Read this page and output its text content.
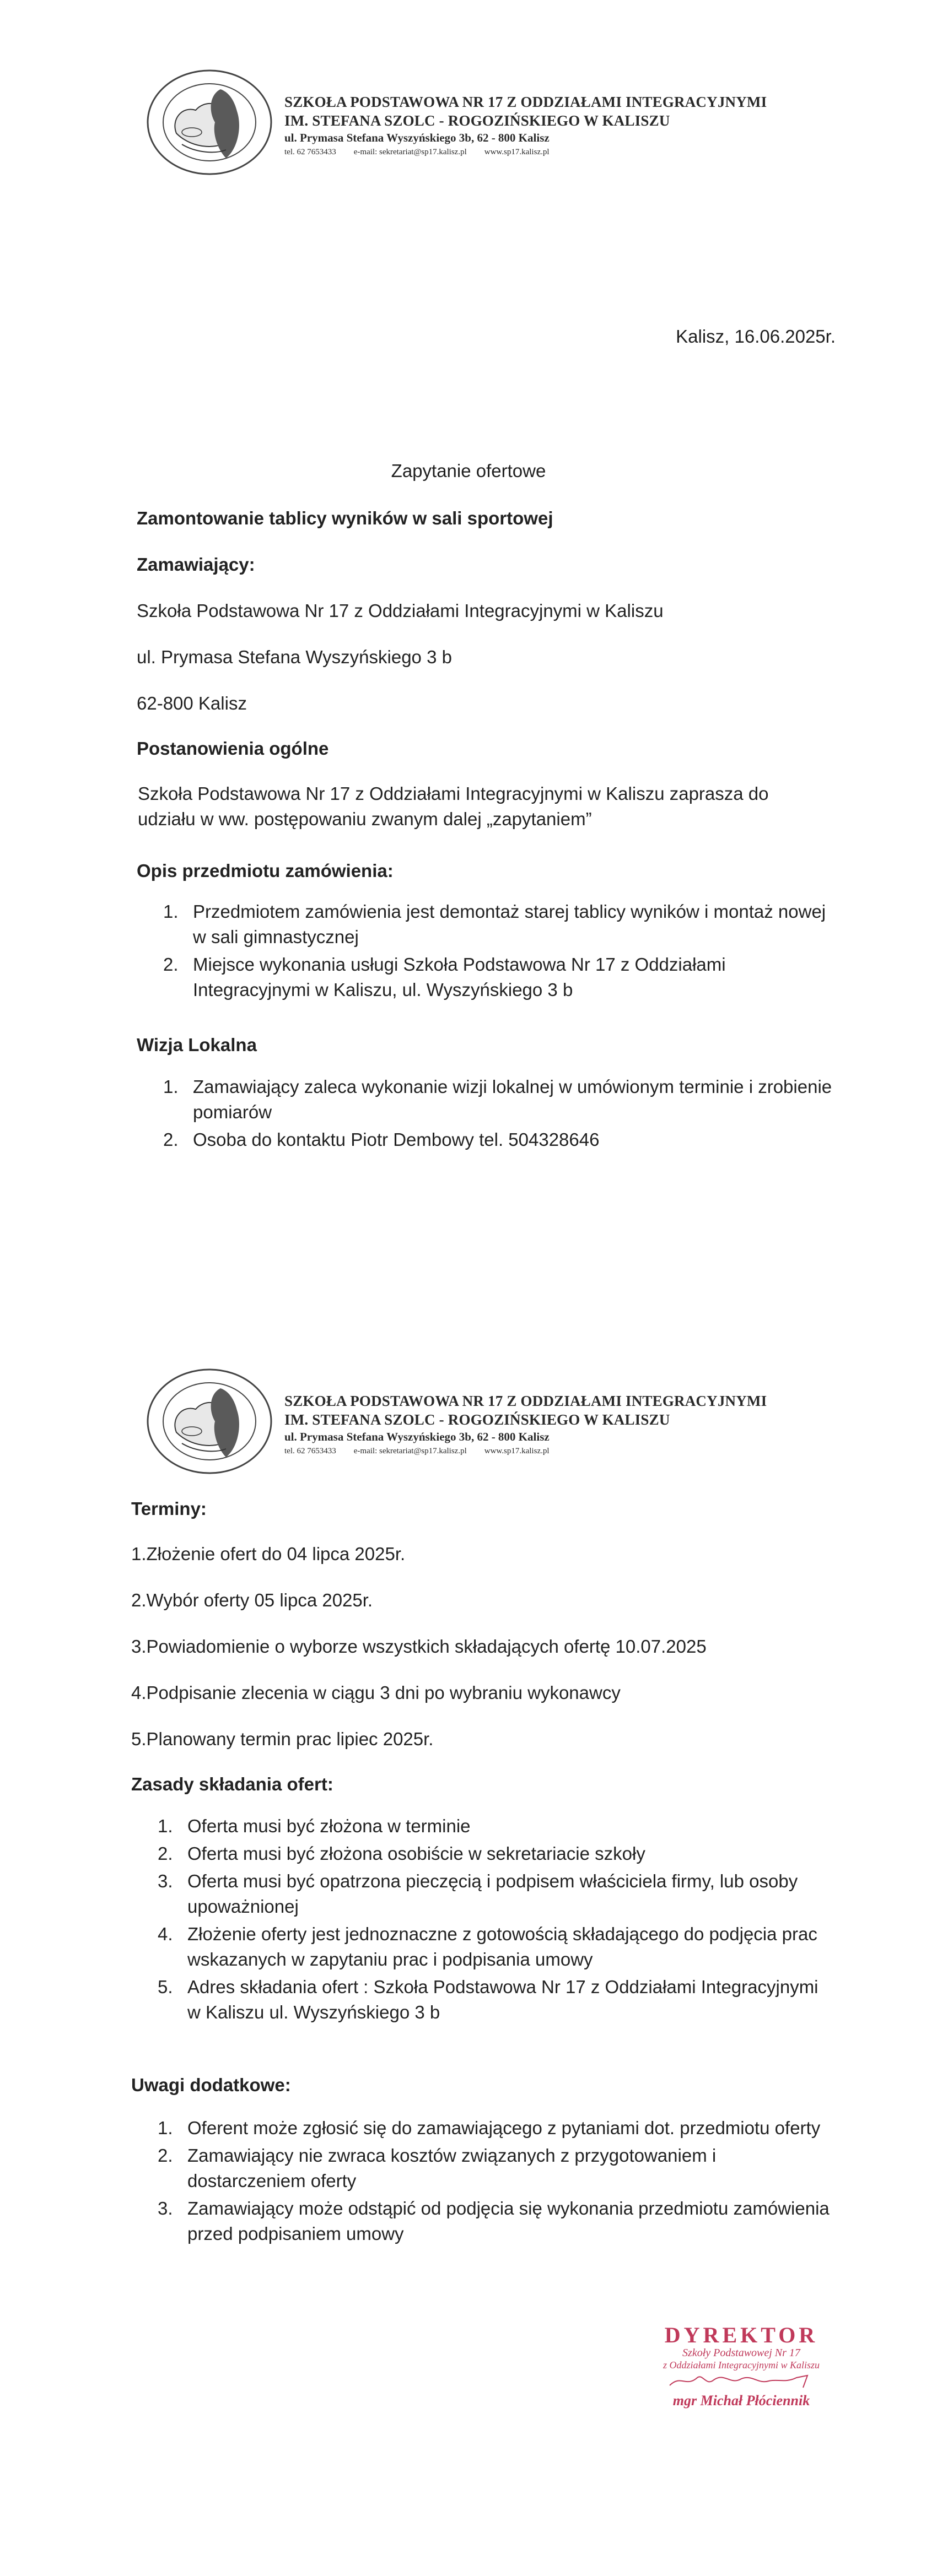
SZKOŁA PODSTAWOWA NR 17 Z ODDZIAŁAMI INTEGRACYJNYMI
IM. STEFANA SZOLC - ROGOZIŃSKIEGO W KALISZU
ul. Prymasa Stefana Wyszyńskiego 3b, 62 - 800 Kalisz
tel. 62 7653433 e-mail: sekretariat@sp17.kalisz.pl www.sp17.kalisz.pl
Kalisz, 16.06.2025r.
Zapytanie ofertowe
Zamontowanie tablicy wyników w sali sportowej
Zamawiający:
Szkoła Podstawowa Nr 17 z Oddziałami Integracyjnymi w Kaliszu
ul. Prymasa Stefana Wyszyńskiego 3 b
62-800 Kalisz
Postanowienia ogólne
Szkoła Podstawowa Nr 17 z Oddziałami Integracyjnymi w Kaliszu zaprasza do udziału w ww. postępowaniu zwanym dalej „zapytaniem”
Opis przedmiotu zamówienia:
1. Przedmiotem zamówienia jest demontaż starej tablicy wyników i montaż nowej w sali gimnastycznej
2. Miejsce wykonania usługi Szkoła Podstawowa Nr 17 z Oddziałami Integracyjnymi w Kaliszu, ul. Wyszyńskiego 3 b
Wizja Lokalna
1. Zamawiający zaleca wykonanie wizji lokalnej w umówionym terminie i zrobienie pomiarów
2. Osoba do kontaktu Piotr Dembowy tel. 504328646
SZKOŁA PODSTAWOWA NR 17 Z ODDZIAŁAMI INTEGRACYJNYMI
IM. STEFANA SZOLC - ROGOZIŃSKIEGO W KALISZU
ul. Prymasa Stefana Wyszyńskiego 3b, 62 - 800 Kalisz
tel. 62 7653433 e-mail: sekretariat@sp17.kalisz.pl www.sp17.kalisz.pl
Terminy:
1.Złożenie ofert do 04 lipca 2025r.
2.Wybór oferty 05 lipca 2025r.
3.Powiadomienie o wyborze wszystkich składających ofertę 10.07.2025
4.Podpisanie zlecenia w ciągu 3 dni po wybraniu wykonawcy
5.Planowany termin prac lipiec 2025r.
Zasady składania ofert:
1. Oferta musi być złożona w terminie
2. Oferta musi być złożona osobiście w sekretariacie szkoły
3. Oferta musi być opatrzona pieczęcią i podpisem właściciela firmy, lub osoby upoważnionej
4. Złożenie oferty jest jednoznaczne z gotowością składającego do podjęcia prac wskazanych w zapytaniu prac i podpisania umowy
5. Adres składania ofert : Szkoła Podstawowa Nr 17 z Oddziałami Integracyjnymi w Kaliszu ul. Wyszyńskiego 3 b
Uwagi dodatkowe:
1. Oferent może zgłosić się do zamawiającego z pytaniami dot. przedmiotu oferty
2. Zamawiający nie zwraca kosztów związanych z przygotowaniem i dostarczeniem oferty
3. Zamawiający może odstąpić od podjęcia się wykonania przedmiotu zamówienia przed podpisaniem umowy
DYREKTOR
Szkoły Podstawowej Nr 17
z Oddziałami Integracyjnymi w Kaliszu
mgr Michał Płóciennik
